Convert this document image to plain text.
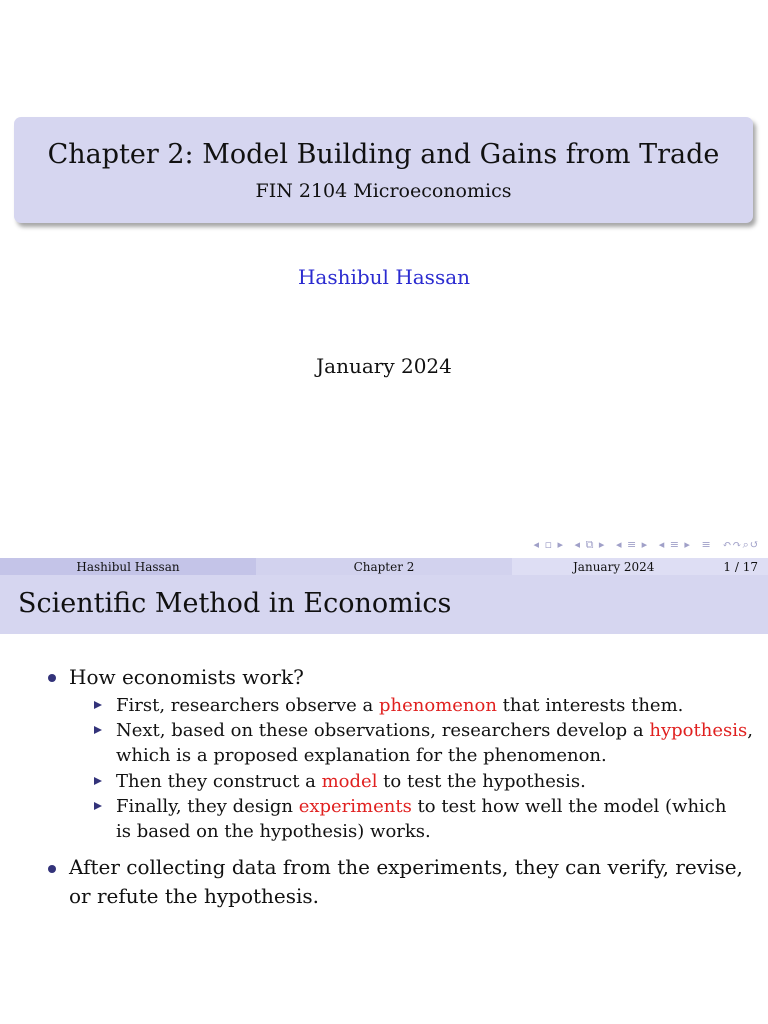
Chapter 2: Model Building and Gains from Trade
FIN 2104 Microeconomics
Hashibul Hassan
January 2024
◂ ▫ ▸ ◂ ⧉ ▸ ◂ ≡ ▸ ◂ ≡ ▸ ≡ ↶↷⌕↺
Hashibul Hassan	Chapter 2	January 2024	1 / 17
Scientific Method in Economics
How economists work?
First, researchers observe a phenomenon that interests them.
Next, based on these observations, researchers develop a hypothesis,
which is a proposed explanation for the phenomenon.
Then they construct a model to test the hypothesis.
Finally, they design experiments to test how well the model (which
is based on the hypothesis) works.
After collecting data from the experiments, they can verify, revise,
or refute the hypothesis.
